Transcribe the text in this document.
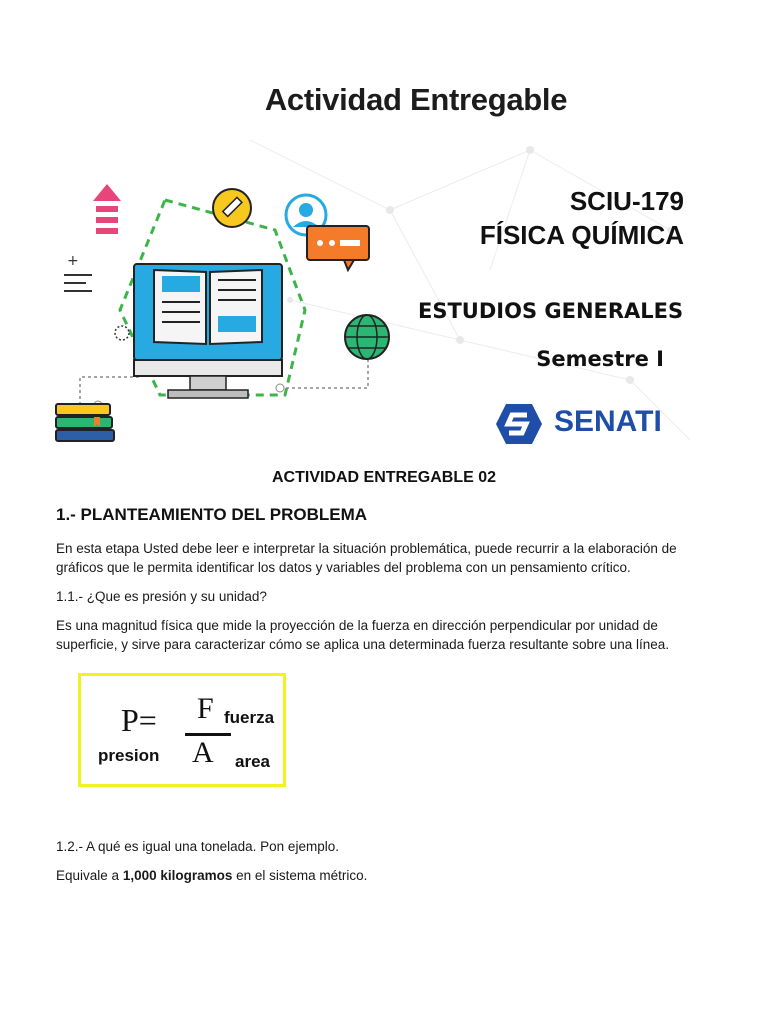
Actividad Entregable
+
SCIU-179
FÍSICA QUÍMICA
ESTUDIOS GENERALES
Semestre I
SENATI
ACTIVIDAD ENTREGABLE 02
1.- PLANTEAMIENTO DEL PROBLEMA
En esta etapa Usted debe leer e interpretar la situación problemática, puede recurrir a la elaboración de gráficos que le permita identificar los datos y variables del problema con un pensamiento crítico.
1.1.- ¿Que es presión y su unidad?
Es una magnitud física que mide la proyección de la fuerza en dirección perpendicular por unidad de superficie, y sirve para caracterizar cómo se aplica una determinada fuerza resultante sobre una línea.
P=
presion
F fuerza
A area
1.2.- A qué es igual una tonelada. Pon ejemplo.
Equivale a 1,000 kilogramos en el sistema métrico.
